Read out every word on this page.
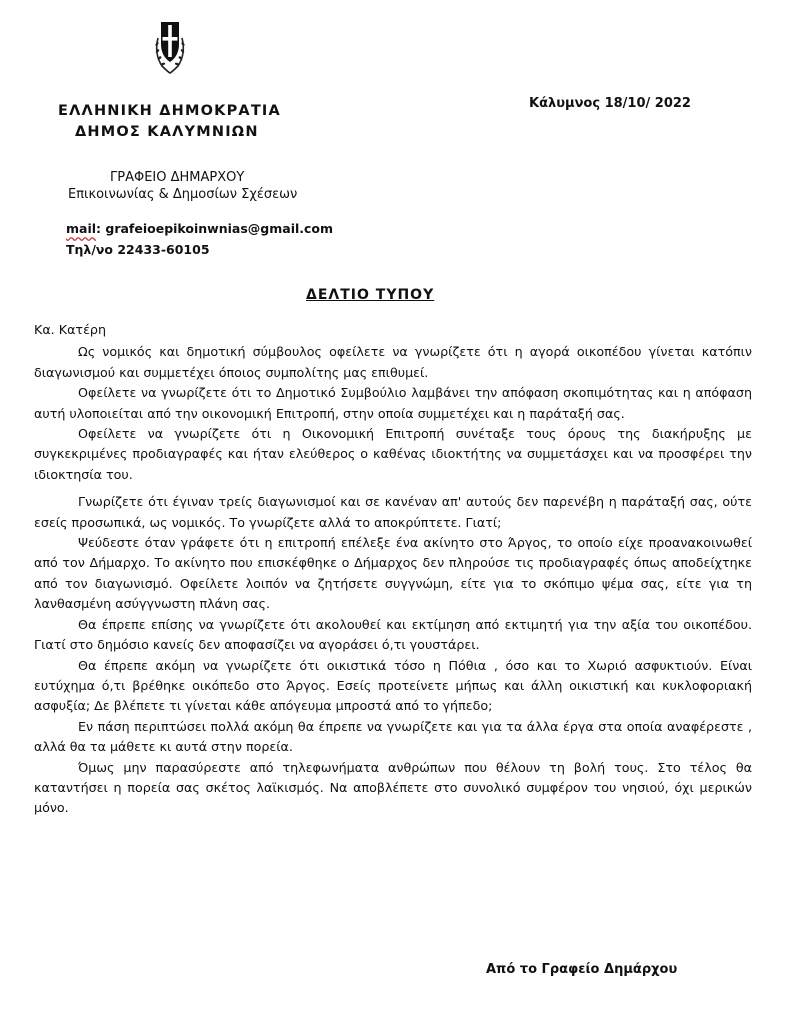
ΕΛΛΗΝΙΚΗ ΔΗΜΟΚΡΑΤΙΑ
ΔΗΜΟΣ ΚΑΛΥΜΝΙΩΝ
Κάλυμνος 18/10/ 2022
ΓΡΑΦΕΙΟ ΔΗΜΑΡΧΟΥ
Επικοινωνίας & Δημοσίων Σχέσεων
mail: grafeioepikoinwnias@gmail.com
Τηλ/νο 22433-60105
ΔΕΛΤΙΟ ΤΥΠΟΥ

Κα. Κατέρη

Ως νομικός και δημοτική σύμβουλος οφείλετε να γνωρίζετε ότι η αγορά οικοπέδου γίνεται κατόπιν διαγωνισμού και συμμετέχει όποιος συμπολίτης μας επιθυμεί.

Οφείλετε να γνωρίζετε ότι το Δημοτικό Συμβούλιο λαμβάνει την απόφαση σκοπιμότητας και η απόφαση αυτή υλοποιείται από την οικονομική Επιτροπή, στην οποία συμμετέχει και η παράταξή σας.

Οφείλετε να γνωρίζετε ότι η Οικονομική Επιτροπή συνέταξε τους όρους της διακήρυξης με συγκεκριμένες προδιαγραφές και ήταν ελεύθερος ο καθένας ιδιοκτήτης να συμμετάσχει και να προσφέρει την ιδιοκτησία του.

Γνωρίζετε ότι έγιναν τρείς διαγωνισμοί και σε κανέναν απ' αυτούς δεν παρενέβη η παράταξή σας, ούτε εσείς προσωπικά, ως νομικός. Το γνωρίζετε αλλά το αποκρύπτετε. Γιατί;

Ψεύδεστε όταν γράφετε ότι η επιτροπή επέλεξε ένα ακίνητο στο Άργος, το οποίο είχε προανακοινωθεί από τον Δήμαρχο. Το ακίνητο που επισκέφθηκε ο Δήμαρχος δεν πληρούσε τις προδιαγραφές όπως αποδείχτηκε από τον διαγωνισμό. Οφείλετε λοιπόν να ζητήσετε συγγνώμη, είτε για το σκόπιμο ψέμα σας, είτε για τη λανθασμένη ασύγγνωστη πλάνη σας.

Θα έπρεπε επίσης να γνωρίζετε ότι ακολουθεί και εκτίμηση από εκτιμητή για την αξία του οικοπέδου. Γιατί στο δημόσιο κανείς δεν αποφασίζει να αγοράσει ό,τι γουστάρει.

Θα έπρεπε ακόμη να γνωρίζετε ότι οικιστικά τόσο η Πόθια , όσο και το Χωριό ασφυκτιούν. Είναι ευτύχημα ό,τι βρέθηκε οικόπεδο στο Άργος. Εσείς προτείνετε μήπως και άλλη οικιστική και κυκλοφοριακή ασφυξία; Δε βλέπετε τι γίνεται κάθε απόγευμα μπροστά από το γήπεδο;

Εν πάση περιπτώσει πολλά ακόμη θα έπρεπε να γνωρίζετε και για τα άλλα έργα στα οποία αναφέρεστε , αλλά θα τα μάθετε κι αυτά στην πορεία.

Όμως μην παρασύρεστε από τηλεφωνήματα ανθρώπων που θέλουν τη βολή τους. Στο τέλος θα καταντήσει η πορεία σας σκέτος λαϊκισμός. Να αποβλέπετε στο συνολικό συμφέρον του νησιού, όχι μερικών μόνο.

Από το Γραφείο Δημάρχου
